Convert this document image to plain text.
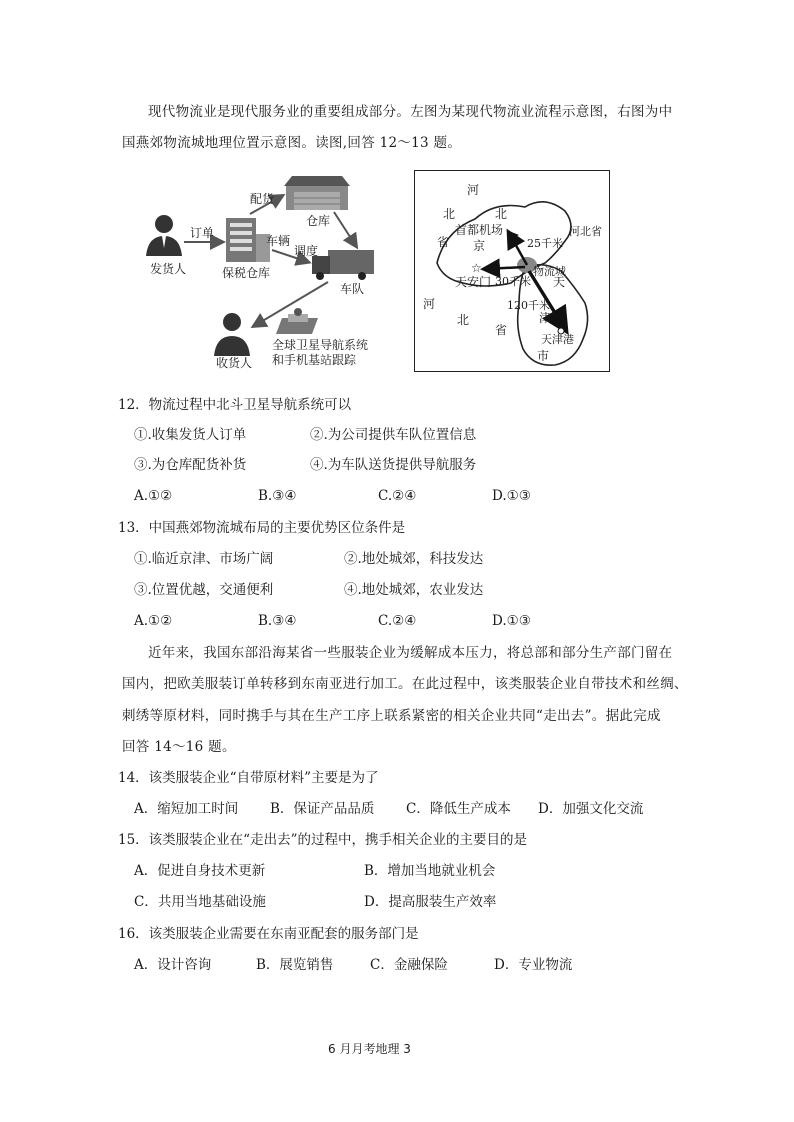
现代物流业是现代服务业的重要组成部分。左图为某现代物流业流程示意图，右图为中
国燕郊物流城地理位置示意图。读图,回答 12～13 题。
发货人
订单
保税仓库
配货
仓库
车辆
调度
车队
全球卫星导航系统
和手机基站跟踪
收货人
☆
河
北	北
省
首都机场
京	25千米
河北省
天安门 30千米
物流城
天
120千米
津
河
北
省
天津港
市
12．物流过程中北斗卫星导航系统可以
①.收集发货人订单	②.为公司提供车队位置信息
③.为仓库配货补货	④.为车队送货提供导航服务
A.①②	B.③④	C.②④	D.①③
13．中国燕郊物流城布局的主要优势区位条件是
①.临近京津、市场广阔	②.地处城郊，科技发达
③.位置优越，交通便利	④.地处城郊，农业发达
A.①②	B.③④	C.②④	D.①③
近年来，我国东部沿海某省一些服装企业为缓解成本压力，将总部和部分生产部门留在
国内，把欧美服装订单转移到东南亚进行加工。在此过程中，该类服装企业自带技术和丝绸、
刺绣等原材料，同时携手与其在生产工序上联系紧密的相关企业共同“走出去”。据此完成
回答 14～16 题。
14．该类服装企业“自带原材料”主要是为了
A．缩短加工时间 B．保证产品品质 C．降低生产成本 D．加强文化交流
15．该类服装企业在“走出去”的过程中，携手相关企业的主要目的是
A．促进自身技术更新	B．增加当地就业机会
C．共用当地基础设施	D．提高服装生产效率
16．该类服装企业需要在东南亚配套的服务部门是
A．设计咨询	B．展览销售	C．金融保险	D．专业物流
6 月月考地理 3
